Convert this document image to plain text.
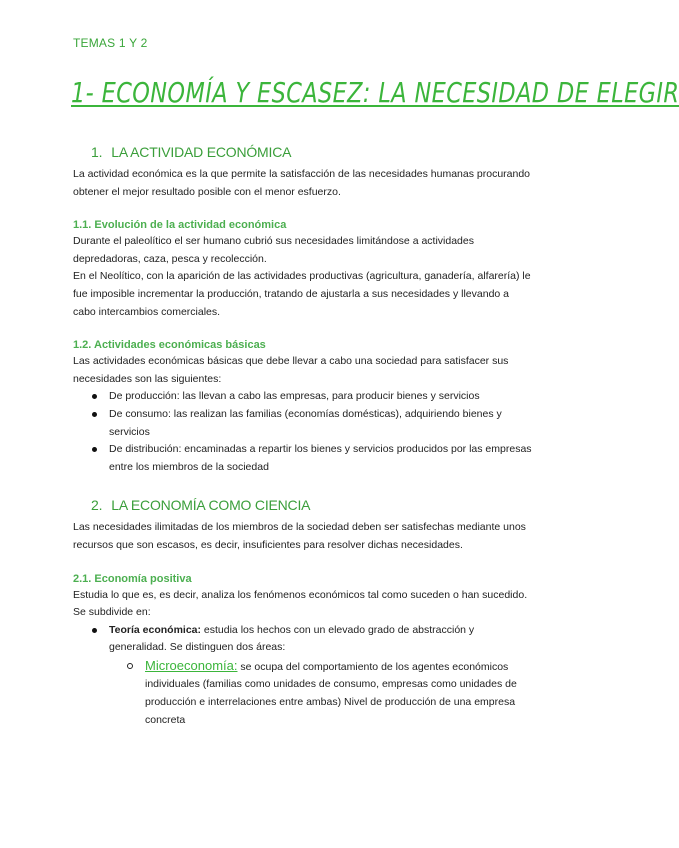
TEMAS 1 Y 2
1- ECONOMÍA Y ESCASEZ: LA NECESIDAD DE ELEGIR
1. LA ACTIVIDAD ECONÓMICA

La actividad económica es la que permite la satisfacción de las necesidades humanas procurando obtener el mejor resultado posible con el menor esfuerzo.

1.1. Evolución de la actividad económica

Durante el paleolítico el ser humano cubrió sus necesidades limitándose a actividades depredadoras, caza, pesca y recolección.

En el Neolítico, con la aparición de las actividades productivas (agricultura, ganadería, alfarería) le fue imposible incrementar la producción, tratando de ajustarla a sus necesidades y llevando a cabo intercambios comerciales.

1.2. Actividades económicas básicas

Las actividades económicas básicas que debe llevar a cabo una sociedad para satisfacer sus necesidades son las siguientes:

De producción: las llevan a cabo las empresas, para producir bienes y servicios
De consumo: las realizan las familias (economías domésticas), adquiriendo bienes y servicios
De distribución: encaminadas a repartir los bienes y servicios producidos por las empresas entre los miembros de la sociedad
2. LA ECONOMÍA COMO CIENCIA

Las necesidades ilimitadas de los miembros de la sociedad deben ser satisfechas mediante unos recursos que son escasos, es decir, insuficientes para resolver dichas necesidades.

2.1. Economía positiva

Estudia lo que es, es decir, analiza los fenómenos económicos tal como suceden o han sucedido.

Se subdivide en:

Teoría económica: estudia los hechos con un elevado grado de abstracción y generalidad. Se distinguen dos áreas:
Microeconomía: se ocupa del comportamiento de los agentes económicos individuales (familias como unidades de consumo, empresas como unidades de producción e interrelaciones entre ambas) Nivel de producción de una empresa concreta
